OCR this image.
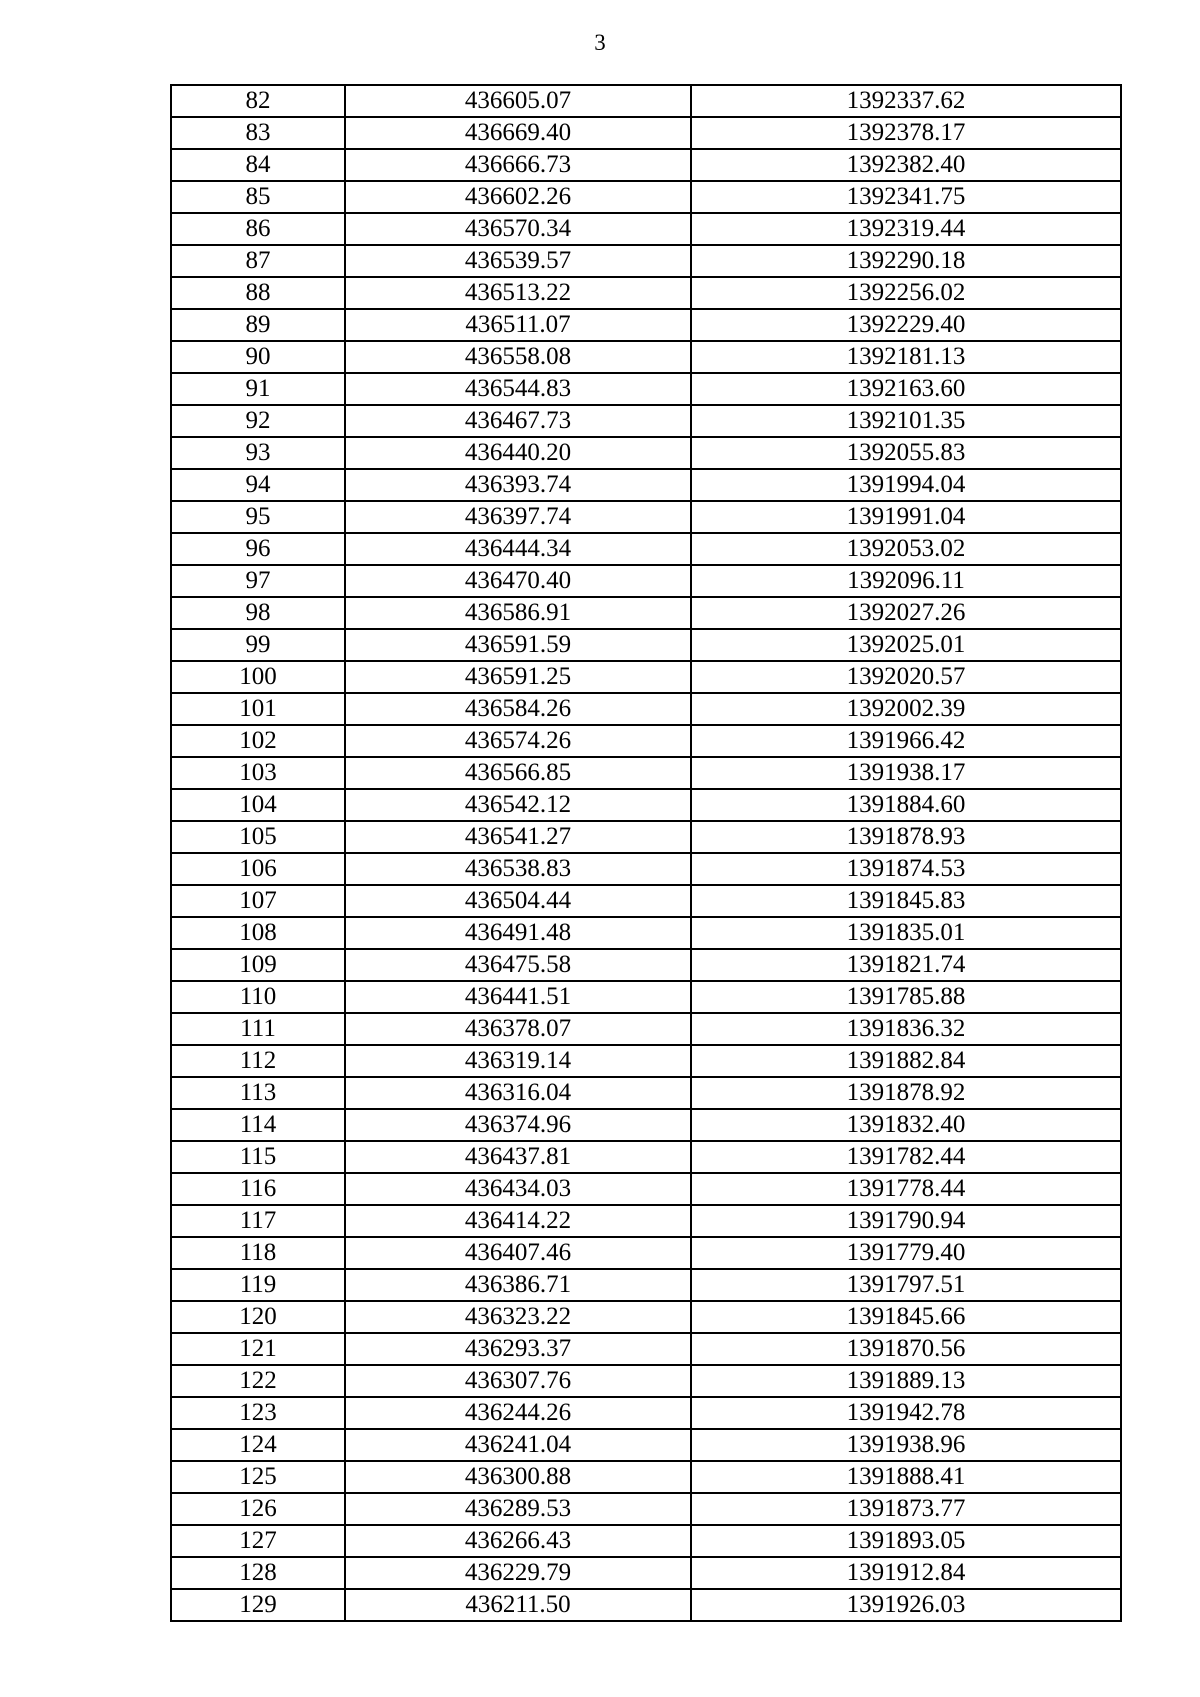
3
82	436605.07	1392337.62
83	436669.40	1392378.17
84	436666.73	1392382.40
85	436602.26	1392341.75
86	436570.34	1392319.44
87	436539.57	1392290.18
88	436513.22	1392256.02
89	436511.07	1392229.40
90	436558.08	1392181.13
91	436544.83	1392163.60
92	436467.73	1392101.35
93	436440.20	1392055.83
94	436393.74	1391994.04
95	436397.74	1391991.04
96	436444.34	1392053.02
97	436470.40	1392096.11
98	436586.91	1392027.26
99	436591.59	1392025.01
100	436591.25	1392020.57
101	436584.26	1392002.39
102	436574.26	1391966.42
103	436566.85	1391938.17
104	436542.12	1391884.60
105	436541.27	1391878.93
106	436538.83	1391874.53
107	436504.44	1391845.83
108	436491.48	1391835.01
109	436475.58	1391821.74
110	436441.51	1391785.88
111	436378.07	1391836.32
112	436319.14	1391882.84
113	436316.04	1391878.92
114	436374.96	1391832.40
115	436437.81	1391782.44
116	436434.03	1391778.44
117	436414.22	1391790.94
118	436407.46	1391779.40
119	436386.71	1391797.51
120	436323.22	1391845.66
121	436293.37	1391870.56
122	436307.76	1391889.13
123	436244.26	1391942.78
124	436241.04	1391938.96
125	436300.88	1391888.41
126	436289.53	1391873.77
127	436266.43	1391893.05
128	436229.79	1391912.84
129	436211.50	1391926.03
